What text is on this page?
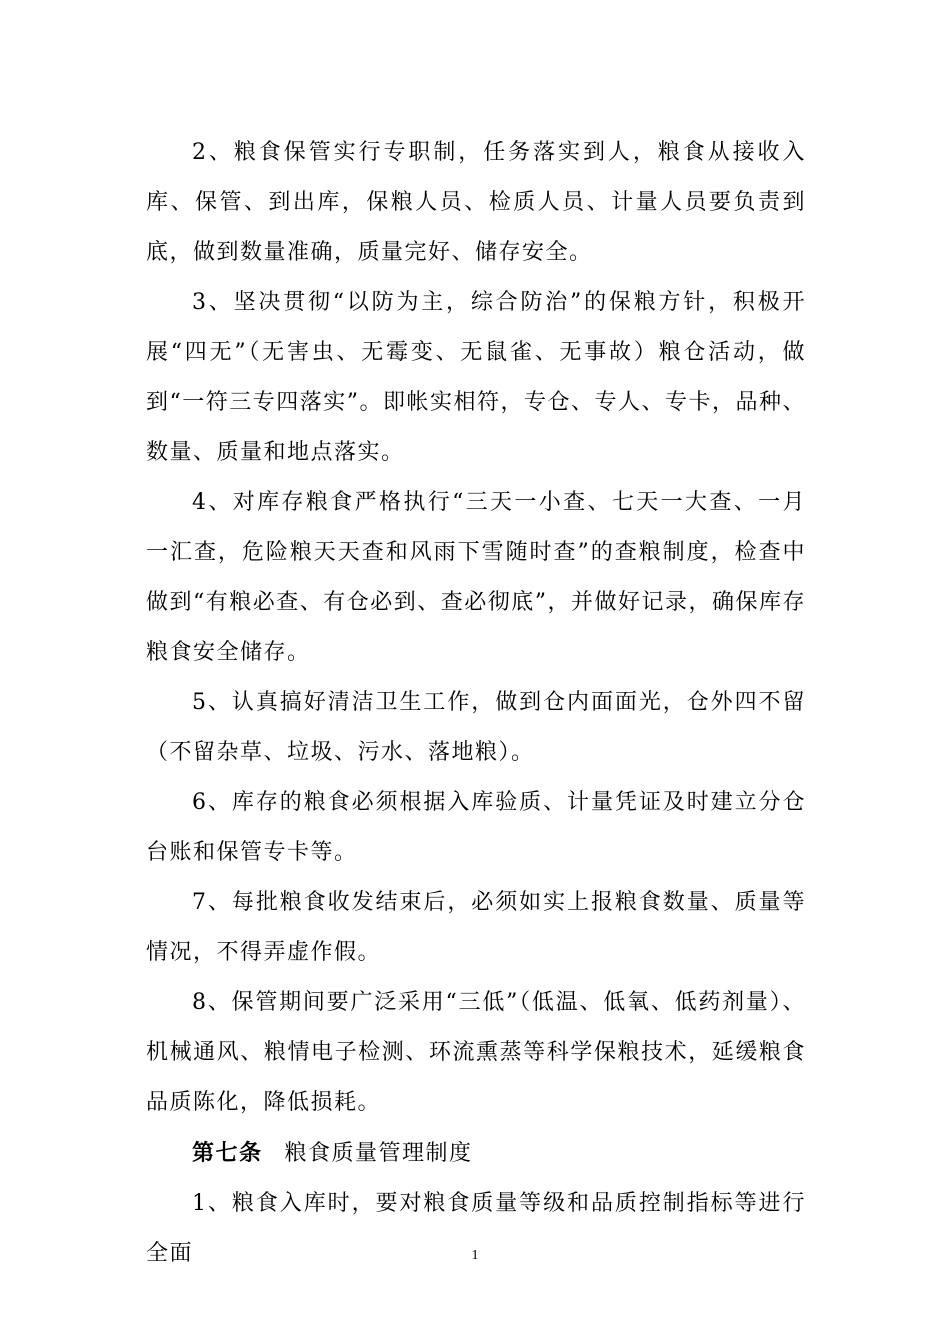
2、粮食保管实行专职制，任务落实到人，粮食从接收入库、保管、到出库，保粮人员、检质人员、计量人员要负责到底，做到数量准确，质量完好、储存安全。

3、坚决贯彻“以防为主，综合防治”的保粮方针，积极开展“四无”（无害虫、无霉变、无鼠雀、无事故）粮仓活动，做到“一符三专四落实”。即帐实相符，专仓、专人、专卡，品种、数量、质量和地点落实。

4、对库存粮食严格执行“三天一小查、七天一大查、一月一汇查，危险粮天天查和风雨下雪随时查”的查粮制度，检查中做到“有粮必查、有仓必到、查必彻底”，并做好记录，确保库存粮食安全储存。

5、认真搞好清洁卫生工作，做到仓内面面光，仓外四不留（不留杂草、垃圾、污水、落地粮）。

6、库存的粮食必须根据入库验质、计量凭证及时建立分仓台账和保管专卡等。

7、每批粮食收发结束后，必须如实上报粮食数量、质量等情况，不得弄虚作假。

8、保管期间要广泛采用“三低”（低温、低氧、低药剂量）、机械通风、粮情电子检测、环流熏蒸等科学保粮技术，延缓粮食品质陈化，降低损耗。

第七条 粮食质量管理制度

1、粮食入库时，要对粮食质量等级和品质控制指标等进行全面	1
